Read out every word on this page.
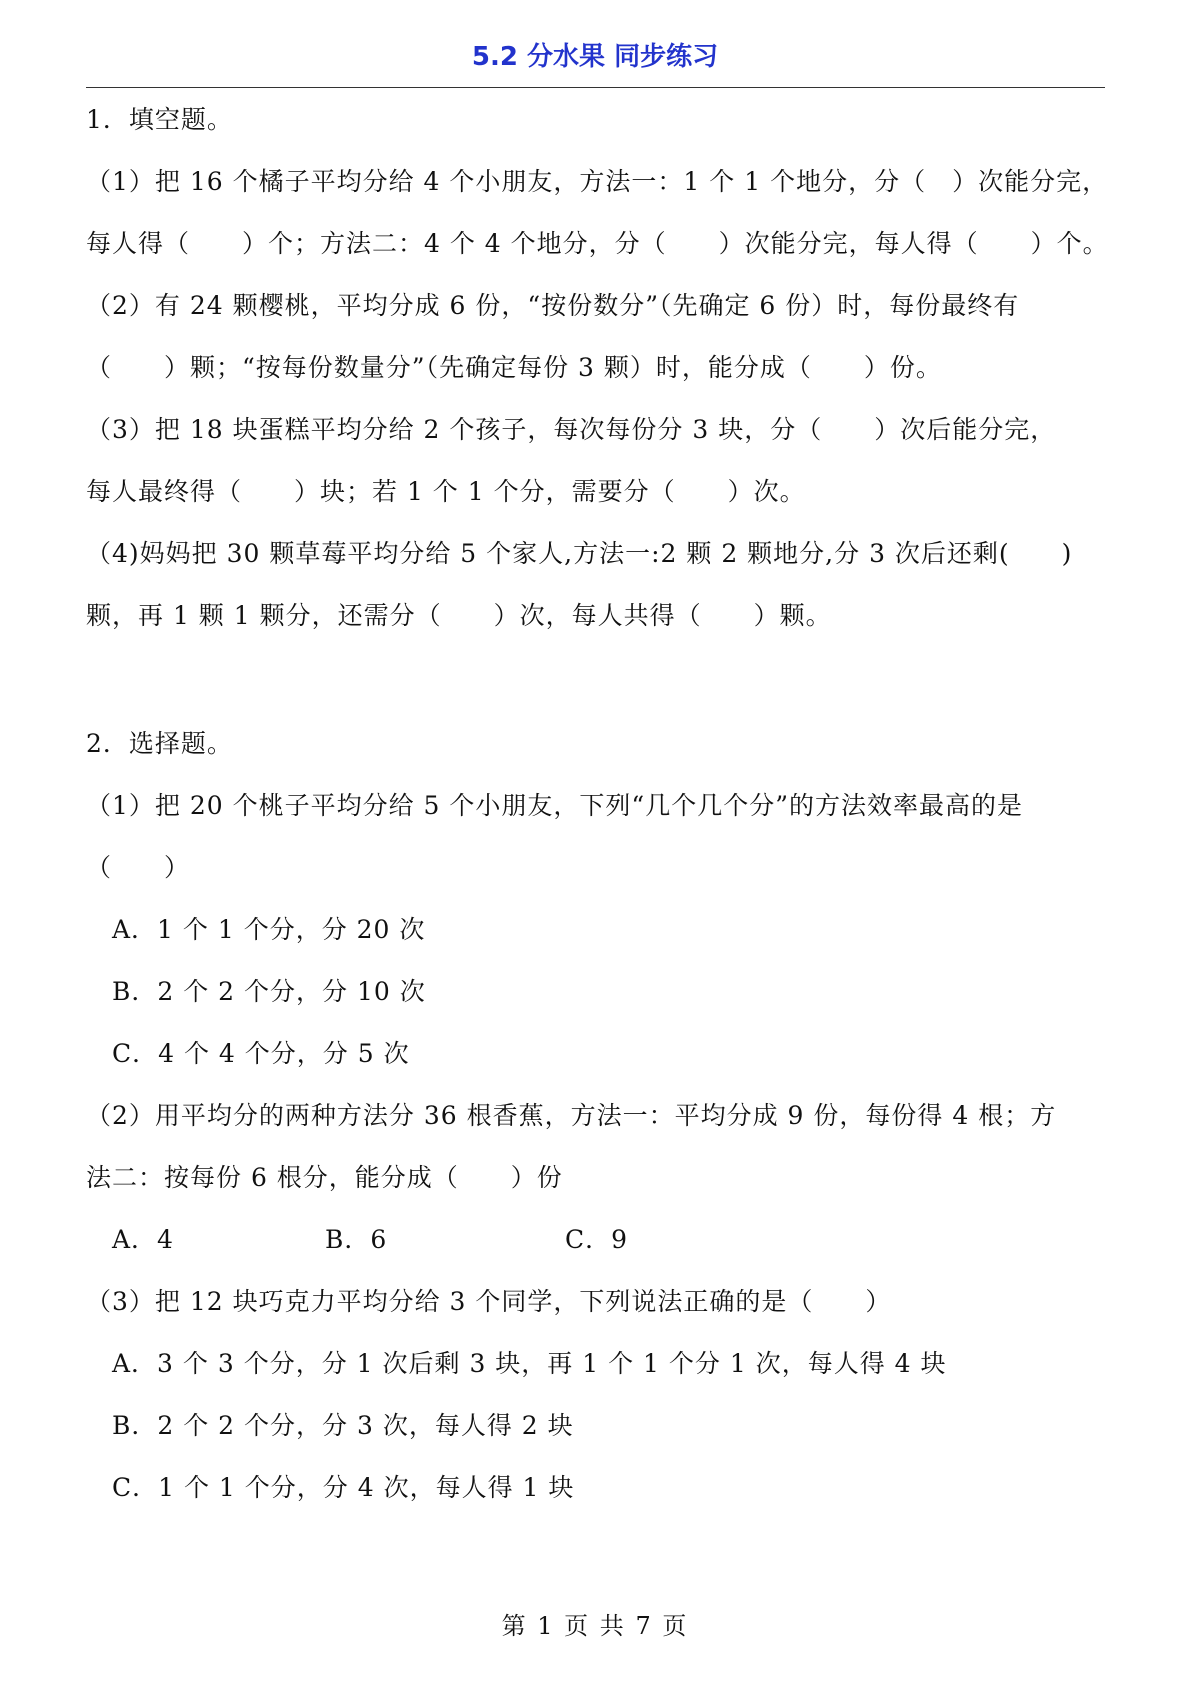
5.2 分水果 同步练习
1．填空题。
（1）把 16 个橘子平均分给 4 个小朋友，方法一：1 个 1 个地分，分（　）次能分完，
每人得（　　）个；方法二：4 个 4 个地分，分（　　）次能分完，每人得（　　）个。
（2）有 24 颗樱桃，平均分成 6 份，“按份数分”（先确定 6 份）时，每份最终有
（　　）颗；“按每份数量分”（先确定每份 3 颗）时，能分成（　　）份。
（3）把 18 块蛋糕平均分给 2 个孩子，每次每份分 3 块，分（　　）次后能分完，
每人最终得（　　）块；若 1 个 1 个分，需要分（　　）次。
（4)妈妈把 30 颗草莓平均分给 5 个家人,方法一:2 颗 2 颗地分,分 3 次后还剩(　　)
颗，再 1 颗 1 颗分，还需分（　　）次，每人共得（　　）颗。
2．选择题。
（1）把 20 个桃子平均分给 5 个小朋友，下列“几个几个分”的方法效率最高的是
（　　）
A．1 个 1 个分，分 20 次
B．2 个 2 个分，分 10 次
C．4 个 4 个分，分 5 次
（2）用平均分的两种方法分 36 根香蕉，方法一：平均分成 9 份，每份得 4 根；方
法二：按每份 6 根分，能分成（　　）份
A．4	B．6	C．9
（3）把 12 块巧克力平均分给 3 个同学，下列说法正确的是（　　）
A．3 个 3 个分，分 1 次后剩 3 块，再 1 个 1 个分 1 次，每人得 4 块
B．2 个 2 个分，分 3 次，每人得 2 块
C．1 个 1 个分，分 4 次，每人得 1 块
第 1 页 共 7 页
